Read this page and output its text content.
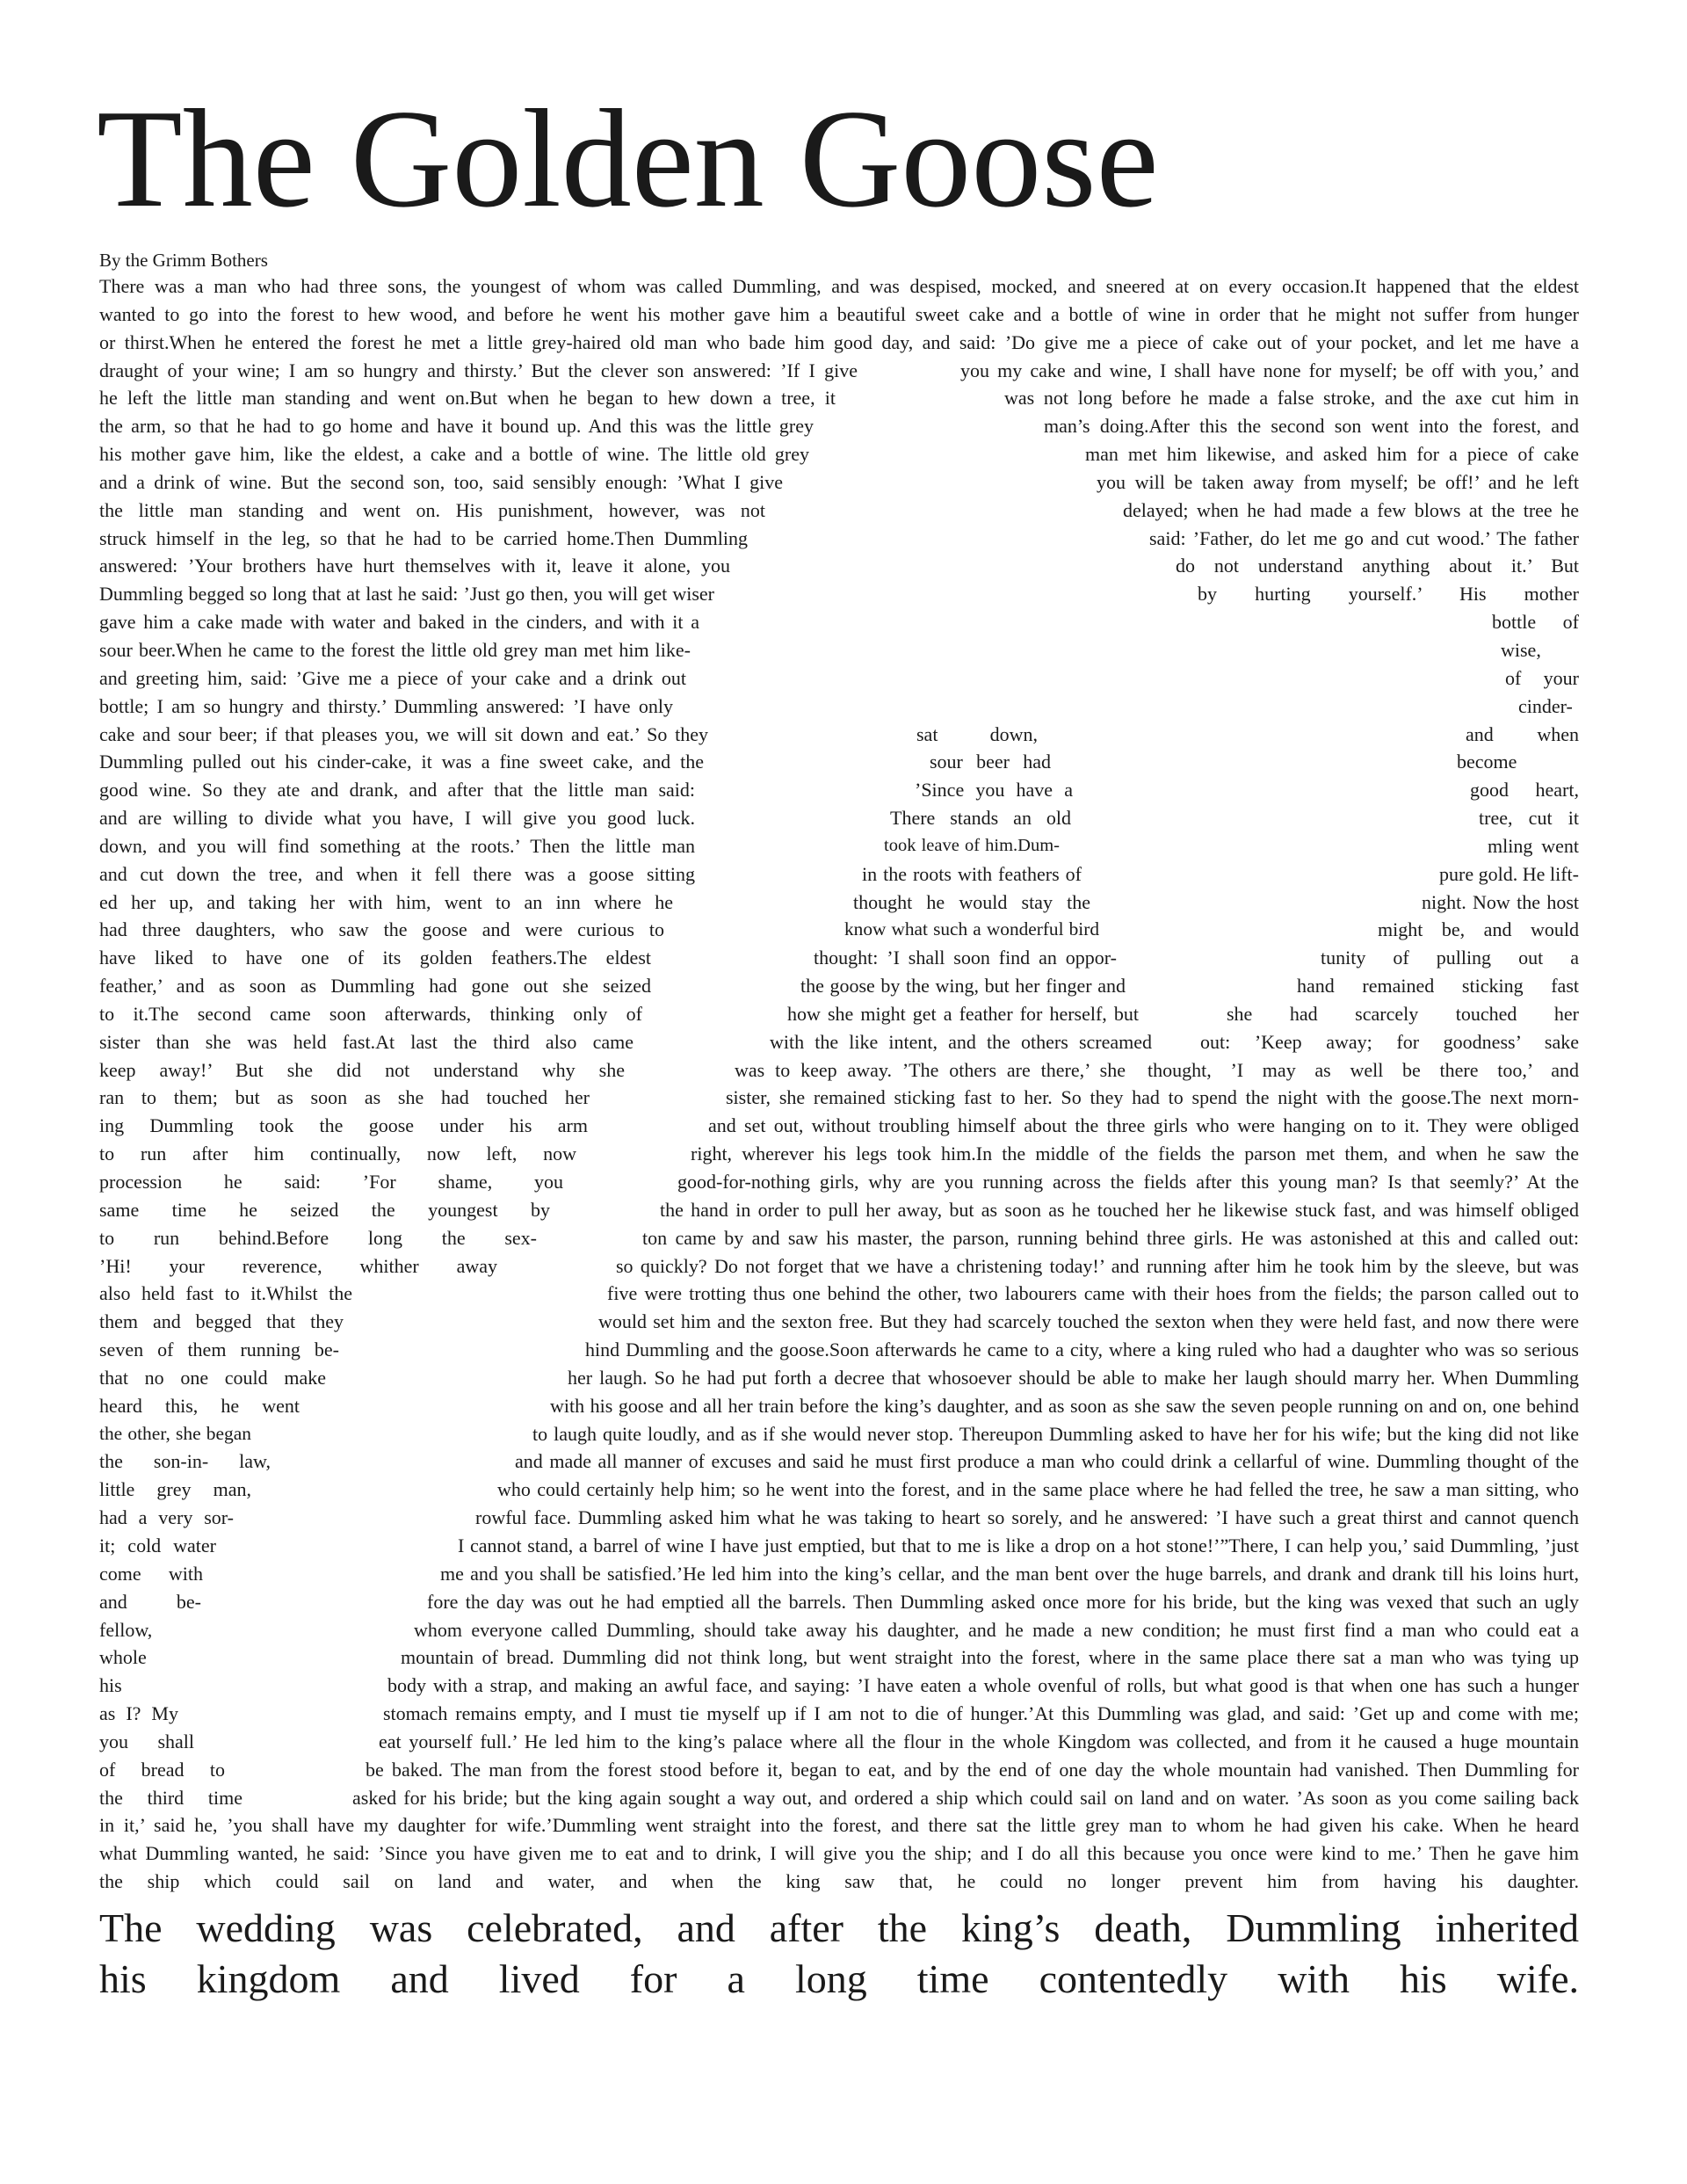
The Golden Goose
By the Grimm Bothers
There was a man who had three sons, the youngest of whom was called Dummling, and was despised, mocked, and sneered at on every occasion.It happened that the eldest
wanted to go into the forest to hew wood, and before he went his mother gave him a beautiful sweet cake and a bottle of wine in order that he might not suffer from hunger
or thirst.When he entered the forest he met a little grey-haired old man who bade him good day, and said: ’Do give me a piece of cake out of your pocket, and let me have a
draught of your wine; I am so hungry and thirsty.’ But the clever son answered: ’If I give	you my cake and wine, I shall have none for myself; be off with you,’ and
he left the little man standing and went on.But when he began to hew down a tree, it	was not long before he made a false stroke, and the axe cut him in
the arm, so that he had to go home and have it bound up. And this was the little grey	man’s doing.After this the second son went into the forest, and
his mother gave him, like the eldest, a cake and a bottle of wine. The little old grey	man met him likewise, and asked him for a piece of cake
and a drink of wine. But the second son, too, said sensibly enough: ’What I give	you will be taken away from myself; be off!’ and he left
the little man standing and went on. His punishment, however, was not	delayed; when he had made a few blows at the tree he
struck himself in the leg, so that he had to be carried home.Then Dummling	said: ’Father, do let me go and cut wood.’ The father
answered: ’Your brothers have hurt themselves with it, leave it alone, you	do not understand anything about it.’ But
Dummling begged so long that at last he said: ’Just go then, you will get wiser	by hurting yourself.’ His mother
gave him a cake made with water and baked in the cinders, and with it a	bottle of
sour beer.When he came to the forest the little old grey man met him like-	wise,
and greeting him, said: ’Give me a piece of your cake and a drink out	of your
bottle; I am so hungry and thirsty.’ Dummling answered: ’I have only	cinder-
cake and sour beer; if that pleases you, we will sit down and eat.’ So they	sat down,	and when
Dummling pulled out his cinder-cake, it was a fine sweet cake, and the	sour beer had	become
good wine. So they ate and drank, and after that the little man said:	’Since you have a	good heart,
and are willing to divide what you have, I will give you good luck.	There stands an old	tree, cut it
down, and you will find something at the roots.’ Then the little man	took leave of him.Dum-	mling went
and cut down the tree, and when it fell there was a goose sitting	in the roots with feathers of	pure gold. He lift-
ed her up, and taking her with him, went to an inn where he	thought he would stay the	night. Now the host
had three daughters, who saw the goose and were curious to	know what such a wonderful bird	might be, and would
have liked to have one of its golden feathers.The eldest	thought: ’I shall soon find an oppor-	tunity of pulling out a
feather,’ and as soon as Dummling had gone out she seized	the goose by the wing, but her finger and	hand remained sticking fast
to it.The second came soon afterwards, thinking only of	how she might get a feather for herself, but	she had scarcely touched her
sister than she was held fast.At last the third also came	with the like intent, and the others screamed	out: ’Keep away; for goodness’ sake
keep away!’ But she did not understand why she	was to keep away. ’The others are there,’ she thought, ’I may as well be there too,’ and
ran to them; but as soon as she had touched her	sister, she remained sticking fast to her. So they had to spend the night with the goose.The next morn-
ing Dummling took the goose under his arm	and set out, without troubling himself about the three girls who were hanging on to it. They were obliged
to run after him continually, now left, now	right, wherever his legs took him.In the middle of the fields the parson met them, and when he saw the
procession he said: ’For shame, you	good-for-nothing girls, why are you running across the fields after this young man? Is that seemly?’ At the
same time he seized the youngest by	the hand in order to pull her away, but as soon as he touched her he likewise stuck fast, and was himself obliged
to run behind.Before long the sex-	ton came by and saw his master, the parson, running behind three girls. He was astonished at this and called out:
’Hi! your reverence, whither away	so quickly? Do not forget that we have a christening today!’ and running after him he took him by the sleeve, but was
also held fast to it.Whilst the	five were trotting thus one behind the other, two labourers came with their hoes from the fields; the parson called out to
them and begged that they	would set him and the sexton free. But they had scarcely touched the sexton when they were held fast, and now there were
seven of them running be-	hind Dummling and the goose.Soon afterwards he came to a city, where a king ruled who had a daughter who was so serious
that no one could make	her laugh. So he had put forth a decree that whosoever should be able to make her laugh should marry her. When Dummling
heard this, he went	with his goose and all her train before the king’s daughter, and as soon as she saw the seven people running on and on, one behind
the other, she began	to laugh quite loudly, and as if she would never stop. Thereupon Dummling asked to have her for his wife; but the king did not like
the son-in- law,	and made all manner of excuses and said he must first produce a man who could drink a cellarful of wine. Dummling thought of the
little grey man,	who could certainly help him; so he went into the forest, and in the same place where he had felled the tree, he saw a man sitting, who
had a very sor-	rowful face. Dummling asked him what he was taking to heart so sorely, and he answered: ’I have such a great thirst and cannot quench
it; cold water	I cannot stand, a barrel of wine I have just emptied, but that to me is like a drop on a hot stone!’”There, I can help you,’ said Dummling, ’just
come with	me and you shall be satisfied.’He led him into the king’s cellar, and the man bent over the huge barrels, and drank and drank till his loins hurt,
and be-	fore the day was out he had emptied all the barrels. Then Dummling asked once more for his bride, but the king was vexed that such an ugly
fellow,	whom everyone called Dummling, should take away his daughter, and he made a new condition; he must first find a man who could eat a
whole	mountain of bread. Dummling did not think long, but went straight into the forest, where in the same place there sat a man who was tying up
his	body with a strap, and making an awful face, and saying: ’I have eaten a whole ovenful of rolls, but what good is that when one has such a hunger
as I? My	stomach remains empty, and I must tie myself up if I am not to die of hunger.’At this Dummling was glad, and said: ’Get up and come with me;
you shall	eat yourself full.’ He led him to the king’s palace where all the flour in the whole Kingdom was collected, and from it he caused a huge mountain
of bread to	be baked. The man from the forest stood before it, began to eat, and by the end of one day the whole mountain had vanished. Then Dummling for
the third time	asked for his bride; but the king again sought a way out, and ordered a ship which could sail on land and on water. ’As soon as you come sailing back
in it,’ said he, ’you shall have my daughter for wife.’Dummling went straight into the forest, and there sat the little grey man to whom he had given his cake. When he heard
what Dummling wanted, he said: ’Since you have given me to eat and to drink, I will give you the ship; and I do all this because you once were kind to me.’ Then he gave him
the ship which could sail on land and water, and when the king saw that, he could no longer prevent him from having his daughter.
The wedding was celebrated, and after the king’s death, Dummling inherited
his kingdom and lived for a long time contentedly with his wife.
